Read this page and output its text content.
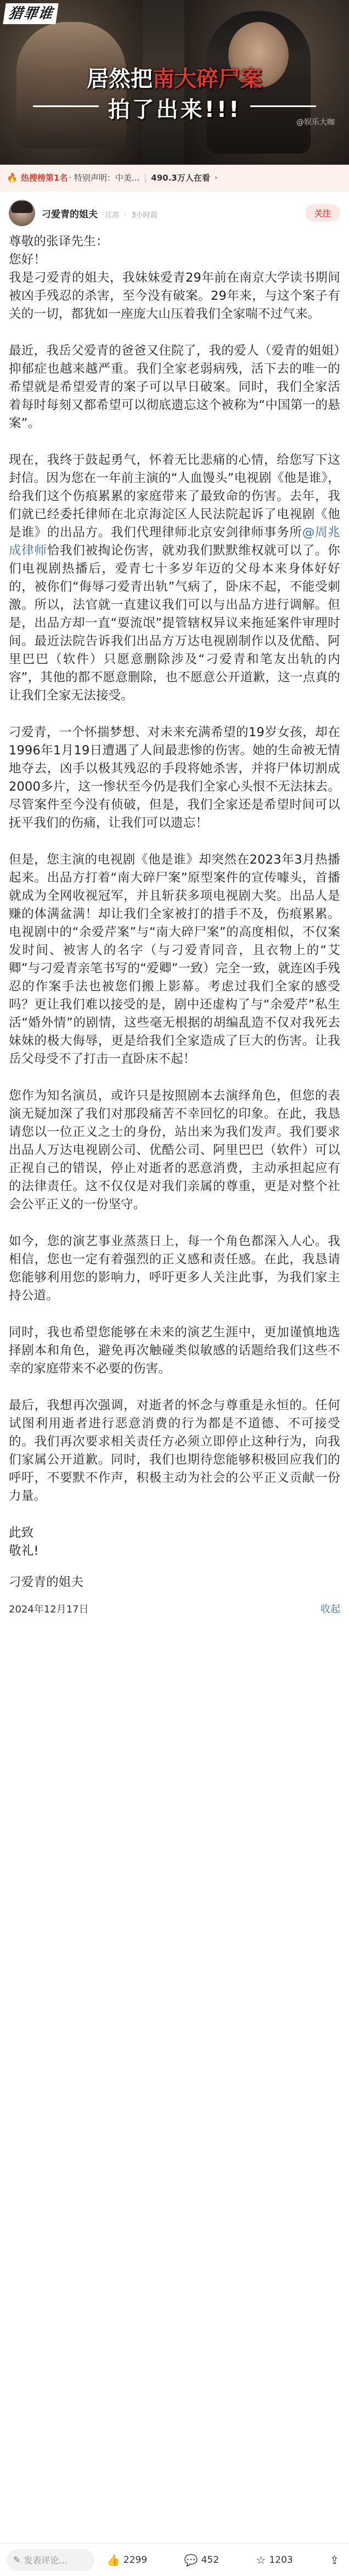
猎罪谁
居然把南大碎尸案
拍了出来!!!	@娱乐大咖
🔥 热搜榜第1名 · 特别声明：中美... | 490.3万人在看 ›
刁爱青的姐夫 江苏 · 3小时前	关注

尊敬的张译先生：

您好！

我是刁爱青的姐夫，我妹妹爱青29年前在南京大学读书期间被凶手残忍的杀害，至今没有破案。29年来，与这个案子有关的一切，都犹如一座庞大山压着我们全家喘不过气来。

最近，我岳父爱青的爸爸又住院了，我的爱人（爱青的姐姐）抑郁症也越来越严重。我们全家老弱病残，活下去的唯一的希望就是希望爱青的案子可以早日破案。同时，我们全家活着每时每刻又都希望可以彻底遗忘这个被称为“中国第一的悬案”。

现在，我终于鼓起勇气，怀着无比悲痛的心情，给您写下这封信。因为您在一年前主演的“人血馒头”电视剧《他是谁》，给我们这个伤痕累累的家庭带来了最致命的伤害。去年，我们就已经委托律师在北京海淀区人民法院起诉了电视剧《他是谁》的出品方。我们代理律师北京安剑律师事务所@周兆成律师恰我们被掏论伤害，就劝我们默默维权就可以了。你们电视剧热播后，爱青七十多岁年迈的父母本来身体好好的，被你们“侮辱刁爱青出轨”气病了，卧床不起，不能受刺激。所以，法官就一直建议我们可以与出品方进行调解。但是，出品方却一直“耍流氓”提管辖权异议来拖延案件审理时间。最近法院告诉我们出品方万达电视剧制作以及优酷、阿里巴巴（软件）只愿意删除涉及“刁爱青和笔友出轨的内容”，其他的都不愿意删除，也不愿意公开道歉，这一点真的让我们全家无法接受。

刁爱青，一个怀揣梦想、对未来充满希望的19岁女孩，却在1996年1月19日遭遇了人间最悲惨的伤害。她的生命被无情地夺去，凶手以极其残忍的手段将她杀害，并将尸体切割成2000多片，这一惨状至今仍是我们全家心头恨不无法抹去。尽管案件至今没有侦破，但是，我们全家还是希望时间可以抚平我们的伤痛，让我们可以遗忘！

但是，您主演的电视剧《他是谁》却突然在2023年3月热播起来。出品方打着“南大碎尸案”原型案件的宣传噱头，首播就成为全网收视冠军，并且斩获多项电视剧大奖。出品人是赚的体满盆满！却让我们全家被打的措手不及，伤痕累累。电视剧中的“余爱芹案”与“南大碎尸案”的高度相似，不仅案发时间、被害人的名字（与刁爱青同音，且衣物上的“艾卿”与刁爱青亲笔书写的“爱卿”一致）完全一致，就连凶手残忍的作案手法也被您们搬上影幕。考虑过我们全家的感受吗？更让我们难以接受的是，剧中还虚构了与“余爱芹”私生活“婚外情”的剧情，这些毫无根据的胡编乱造不仅对我死去妹妹的极大侮辱，更是给我们全家造成了巨大的伤害。让我岳父母受不了打击一直卧床不起！

您作为知名演员，或许只是按照剧本去演绎角色，但您的表演无疑加深了我们对那段痛苦不幸回忆的印象。在此，我恳请您以一位正义之士的身份，站出来为我们发声。我们要求出品人万达电视剧公司、优酷公司、阿里巴巴（软件）可以正视自己的错误，停止对逝者的恶意消费，主动承担起应有的法律责任。这不仅仅是对我们亲属的尊重，更是对整个社会公平正义的一份坚守。

如今，您的演艺事业蒸蒸日上，每一个角色都深入人心。我相信，您也一定有着强烈的正义感和责任感。在此，我恳请您能够利用您的影响力，呼吁更多人关注此事，为我们家主持公道。

同时，我也希望您能够在未来的演艺生涯中，更加谨慎地选择剧本和角色，避免再次触碰类似敏感的话题给我们这些不幸的家庭带来不必要的伤害。

最后，我想再次强调，对逝者的怀念与尊重是永恒的。任何试图利用逝者进行恶意消费的行为都是不道德、不可接受的。我们再次要求相关责任方必须立即停止这种行为，向我们家属公开道歉。同时，我们也期待您能够积极回应我们的呼吁，不要默不作声，积极主动为社会的公平正义贡献一份力量。

此致

敬礼!

刁爱青的姐夫

2024年12月17日	收起
✎ 发表评论...	👍 2299	💬 452	☆ 1203	⇪
